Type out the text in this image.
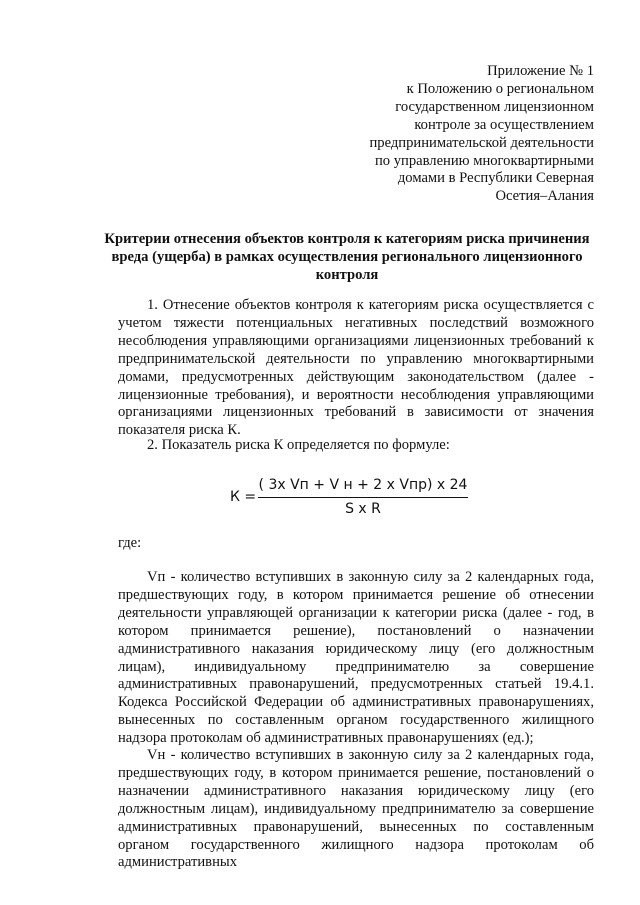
Приложение № 1
к Положению о региональном
государственном лицензионном
контроле за осуществлением
предпринимательской деятельности
по управлению многоквартирными
домами в Республики Северная
Осетия–Алания
Критерии отнесения объектов контроля к категориям риска причинения вреда (ущерба) в рамках осуществления регионального лицензионного контроля

1. Отнесение объектов контроля к категориям риска осуществляется с учетом тяжести потенциальных негативных последствий возможного несоблюдения управляющими организациями лицензионных требований к предпринимательской деятельности по управлению многоквартирными домами, предусмотренных действующим законодательством (далее - лицензионные требования), и вероятности несоблюдения управляющими организациями лицензионных требований в зависимости от значения показателя риска К.

2. Показатель риска К определяется по формуле:

К =
( 3x Vп + V н + 2 x Vпр) x 24
S x R

где:

Vп - количество вступивших в законную силу за 2 календарных года, предшествующих году, в котором принимается решение об отнесении деятельности управляющей организации к категории риска (далее - год, в котором принимается решение), постановлений о назначении административного наказания юридическому лицу (его должностным лицам), индивидуальному предпринимателю за совершение административных правонарушений, предусмотренных статьей 19.4.1. Кодекса Российской Федерации об административных правонарушениях, вынесенных по составленным органом государственного жилищного надзора протоколам об административных правонарушениях (ед.);

Vн - количество вступивших в законную силу за 2 календарных года, предшествующих году, в котором принимается решение, постановлений о назначении административного наказания юридическому лицу (его должностным лицам), индивидуальному предпринимателю за совершение административных правонарушений, вынесенных по составленным органом государственного жилищного надзора протоколам об административных
